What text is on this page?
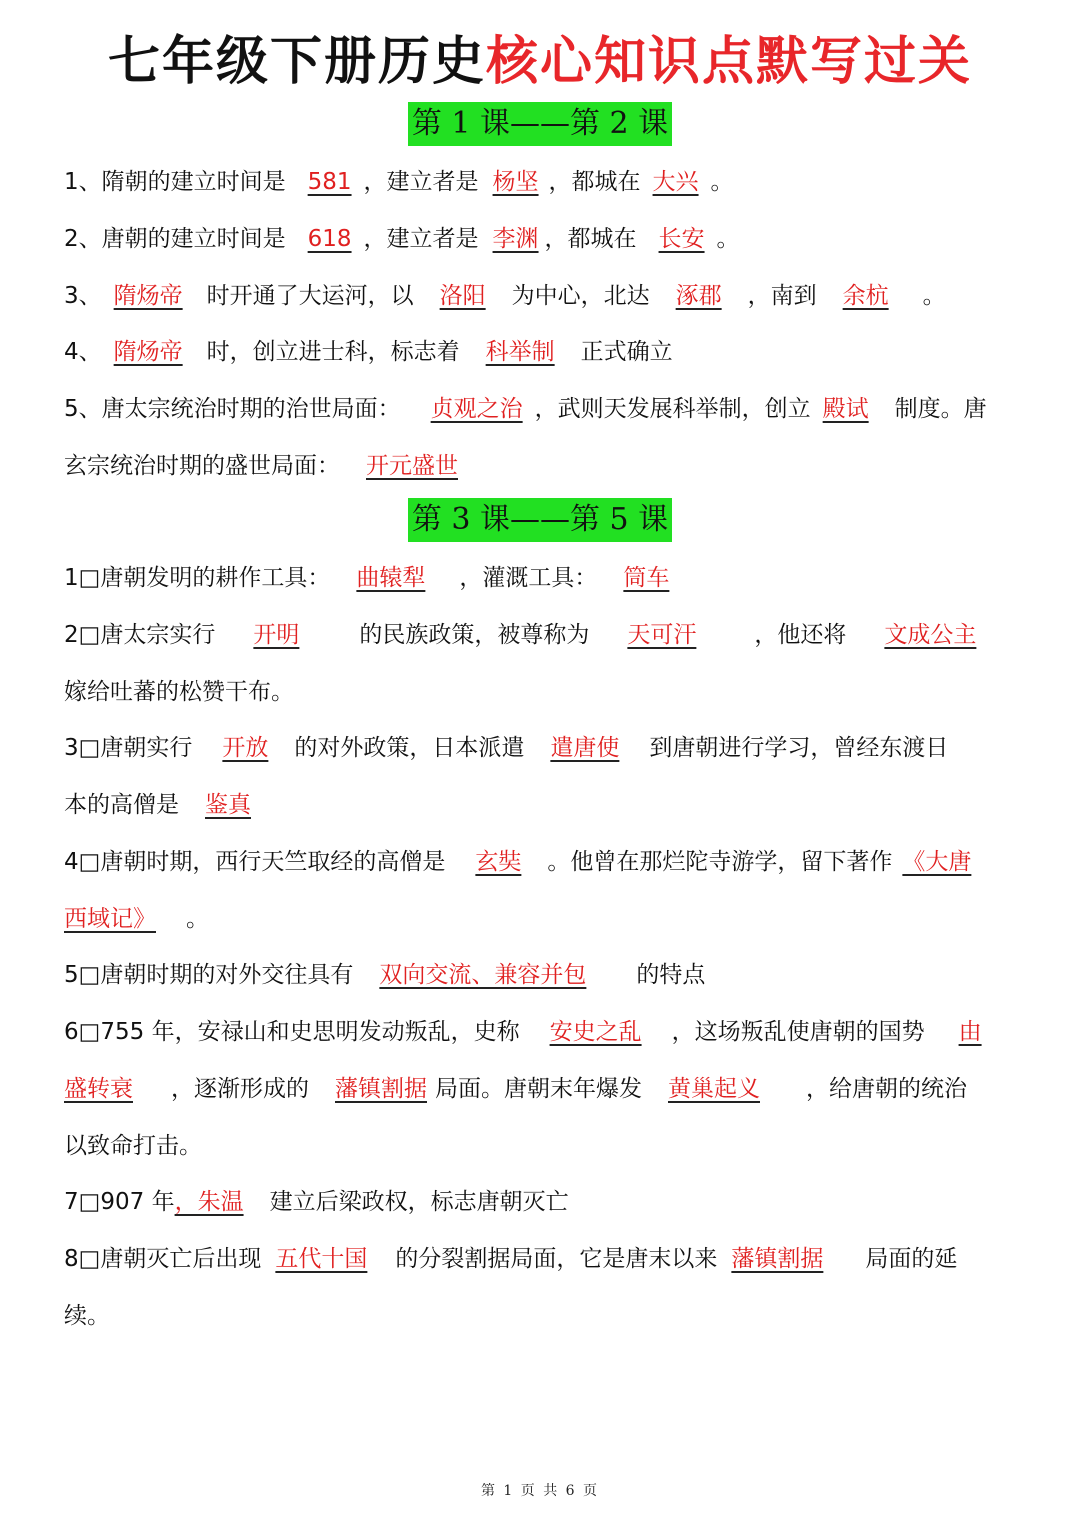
七年级下册历史核心知识点默写过关
第 1 课——第 2 课
1、隋朝的建立时间是 581 ，建立者是 杨坚 ，都城在 大兴 。
2、唐朝的建立时间是 618 ，建立者是 李渊 ，都城在 长安 。
3、 隋炀帝 时开通了大运河，以 洛阳 为中心，北达 涿郡 ，南到 余杭 。
4、 隋炀帝 时，创立进士科，标志着 科举制 正式确立
5、唐太宗统治时期的治世局面： 贞观之治 ，武则天发展科举制，创立 殿试 制度。唐
玄宗统治时期的盛世局面： 开元盛世
第 3 课——第 5 课
1□唐朝发明的耕作工具： 曲辕犁 ，灌溉工具： 筒车
2□唐太宗实行 开明	的民族政策，被尊称为 天可汗	，他还将 文成公主
嫁给吐蕃的松赞干布。
3□唐朝实行 开放 的对外政策，日本派遣 遣唐使 到唐朝进行学习，曾经东渡日
本的高僧是 鉴真
4□唐朝时期，西行天竺取经的高僧是 玄奘 。他曾在那烂陀寺游学，留下著作 《大唐
西域记》 。
5□唐朝时期的对外交往具有 双向交流、兼容并包 的特点
6□755 年，安禄山和史思明发动叛乱，史称 安史之乱 ，这场叛乱使唐朝的国势 由
盛转衰 ，逐渐形成的 藩镇割据 局面。唐朝末年爆发 黄巢起义 ，给唐朝的统治
以致命打击。
7□907 年，朱温 建立后梁政权，标志唐朝灭亡
8□唐朝灭亡后出现 五代十国 的分裂割据局面，它是唐末以来 藩镇割据 局面的延
续。
第 1 页 共 6 页
